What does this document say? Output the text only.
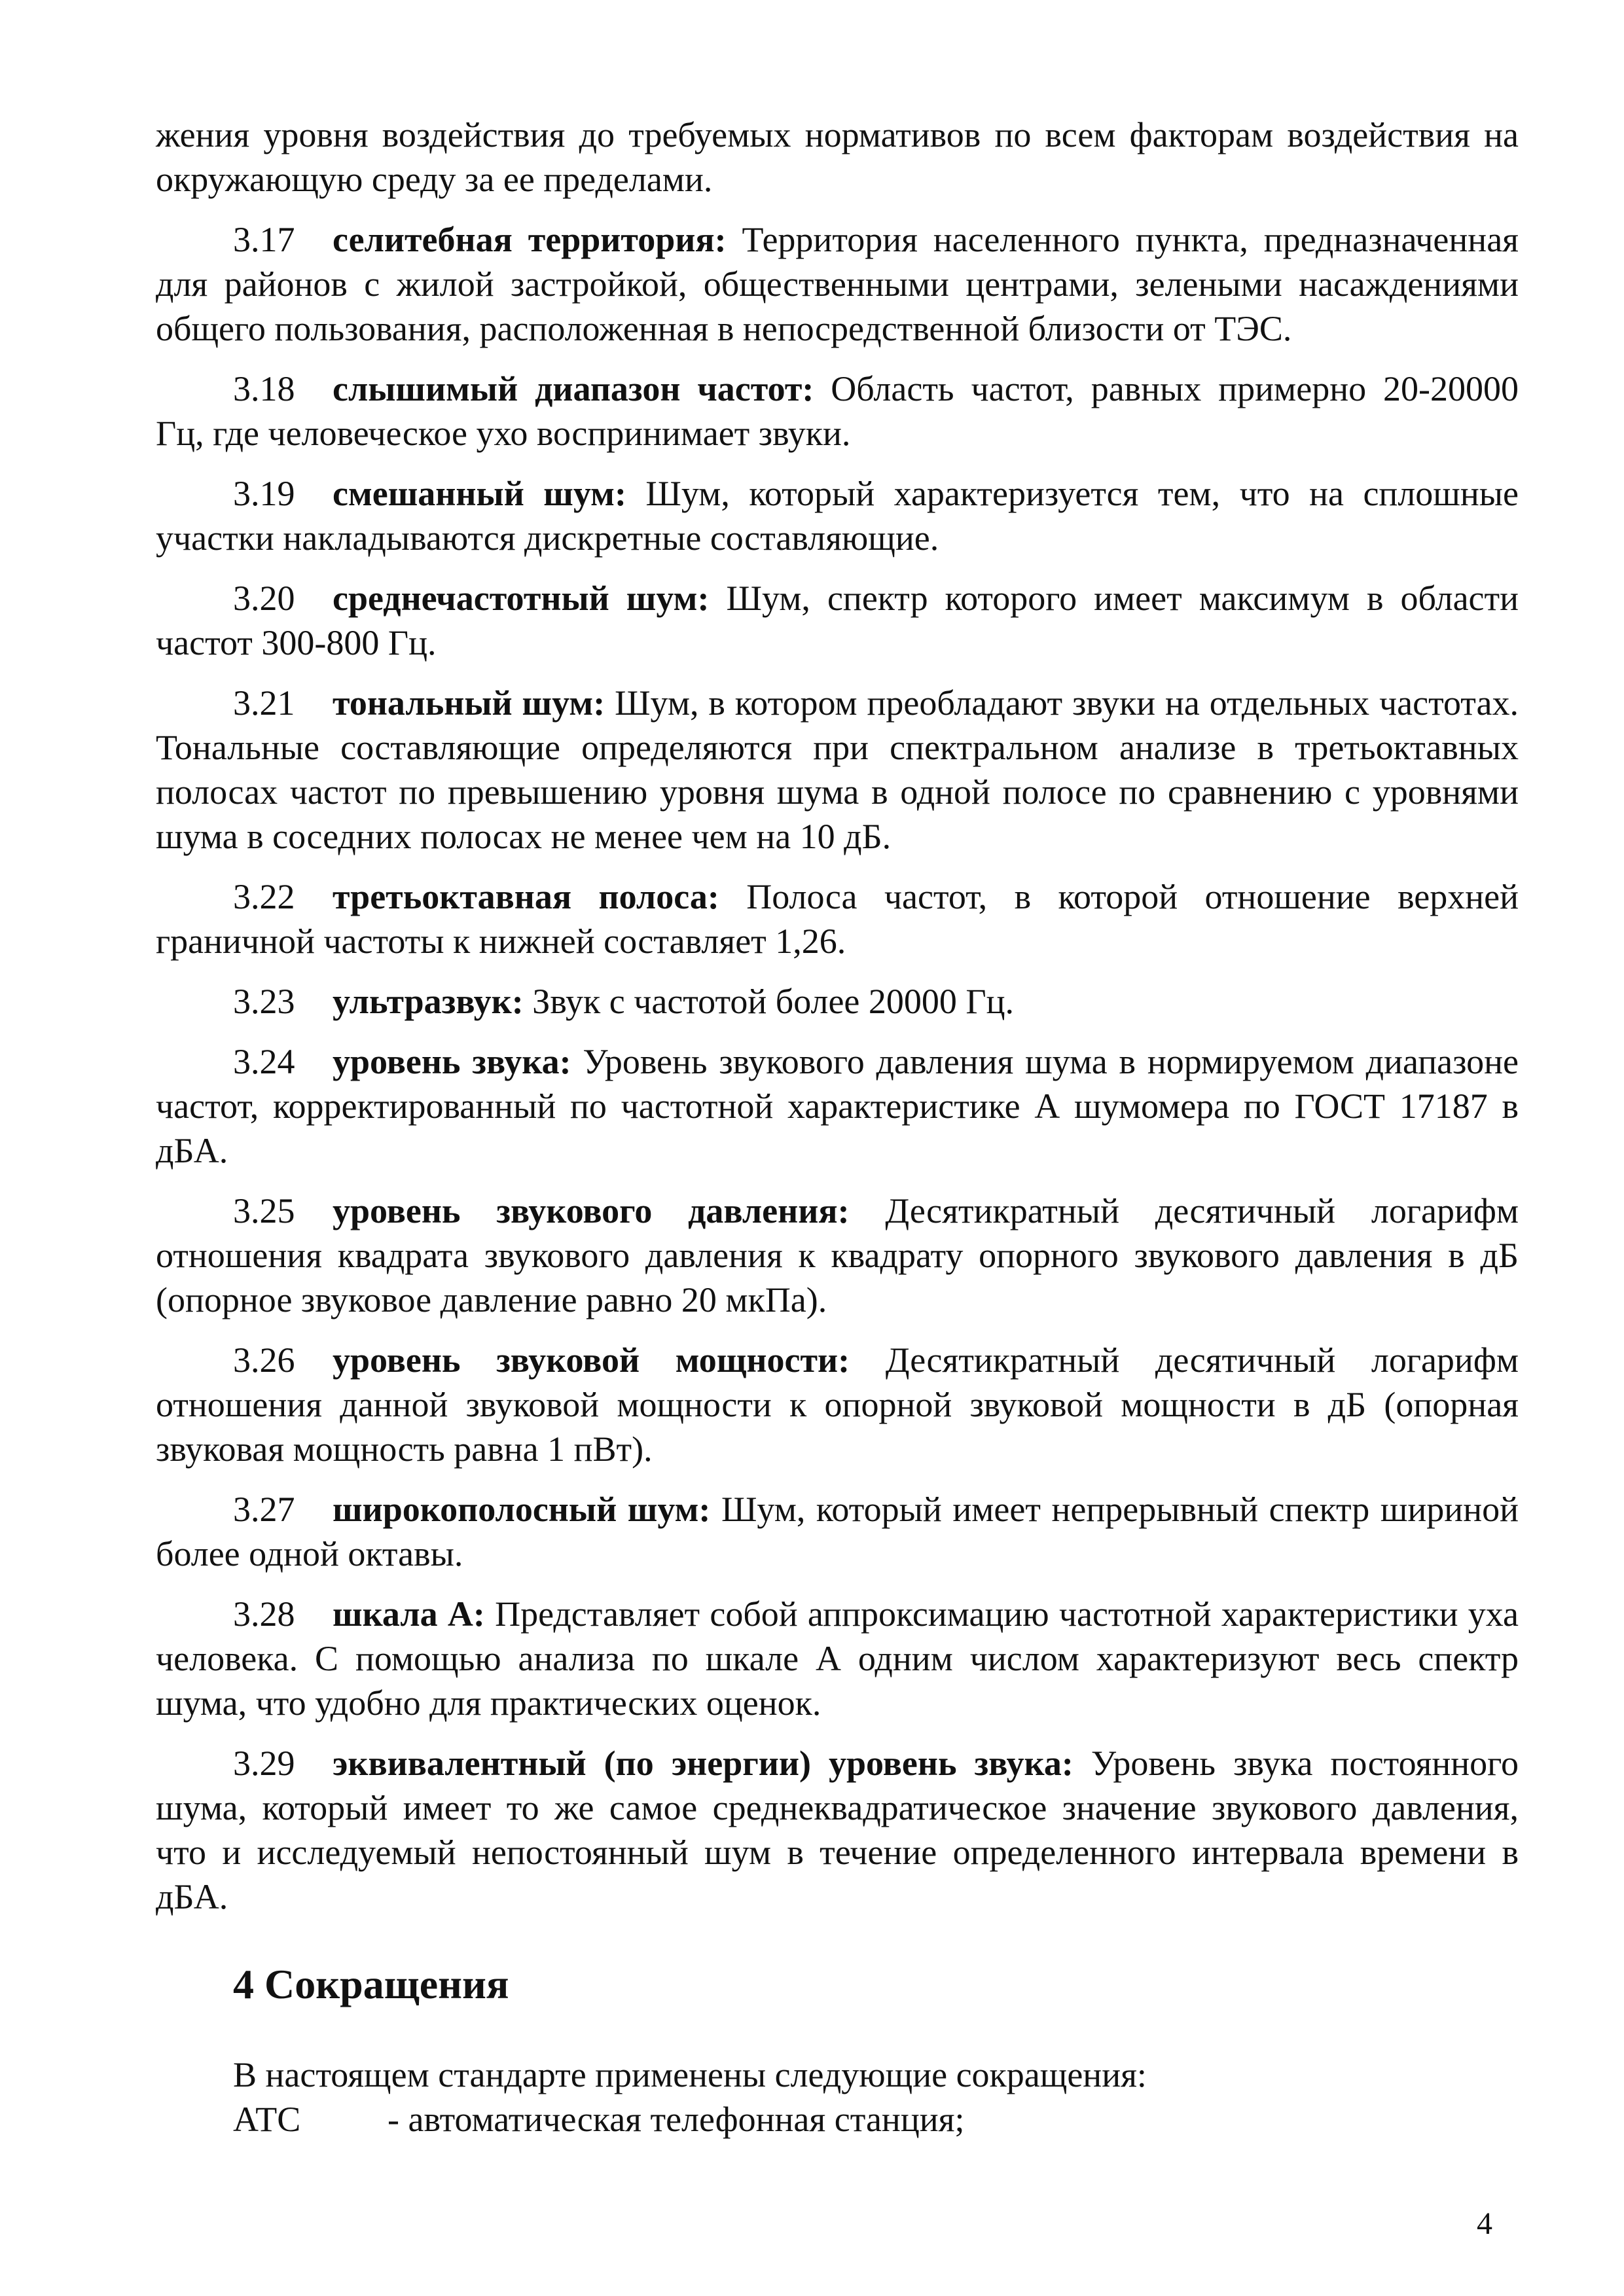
жения уровня воздействия до требуемых нормативов по всем факторам воздействия на окружающую среду за ее пределами.

3.17 селитебная территория: Территория населенного пункта, предназначенная для районов с жилой застройкой, общественными центрами, зелеными насаждениями общего пользования, расположенная в непосредственной близости от ТЭС.

3.18 слышимый диапазон частот: Область частот, равных примерно 20-20000 Гц, где человеческое ухо воспринимает звуки.

3.19 смешанный шум: Шум, который характеризуется тем, что на сплошные участки накладываются дискретные составляющие.

3.20 среднечастотный шум: Шум, спектр которого имеет максимум в области частот 300-800 Гц.

3.21 тональный шум: Шум, в котором преобладают звуки на отдельных частотах. Тональные составляющие определяются при спектральном анализе в третьоктавных полосах частот по превышению уровня шума в одной полосе по сравнению с уровнями шума в соседних полосах не менее чем на 10 дБ.

3.22 третьоктавная полоса: Полоса частот, в которой отношение верхней граничной частоты к нижней составляет 1,26.

3.23 ультразвук: Звук с частотой более 20000 Гц.

3.24 уровень звука: Уровень звукового давления шума в нормируемом диапазоне частот, корректированный по частотной характеристике А шумомера по ГОСТ 17187 в дБА.

3.25 уровень звукового давления: Десятикратный десятичный логарифм отношения квадрата звукового давления к квадрату опорного звукового давления в дБ (опорное звуковое давление равно 20 мкПа).

3.26 уровень звуковой мощности: Десятикратный десятичный логарифм отношения данной звуковой мощности к опорной звуковой мощности в дБ (опорная звуковая мощность равна 1 пВт).

3.27 широкополосный шум: Шум, который имеет непрерывный спектр шириной более одной октавы.

3.28 шкала А: Представляет собой аппроксимацию частотной характеристики уха человека. С помощью анализа по шкале А одним числом характеризуют весь спектр шума, что удобно для практических оценок.

3.29 эквивалентный (по энергии) уровень звука: Уровень звука постоянного шума, который имеет то же самое среднеквадратическое значение звукового давления, что и исследуемый непостоянный шум в течение определенного интервала времени в дБА.

4 Сокращения

В настоящем стандарте применены следующие сокращения:

АТС	- автоматическая телефонная станция;
4
